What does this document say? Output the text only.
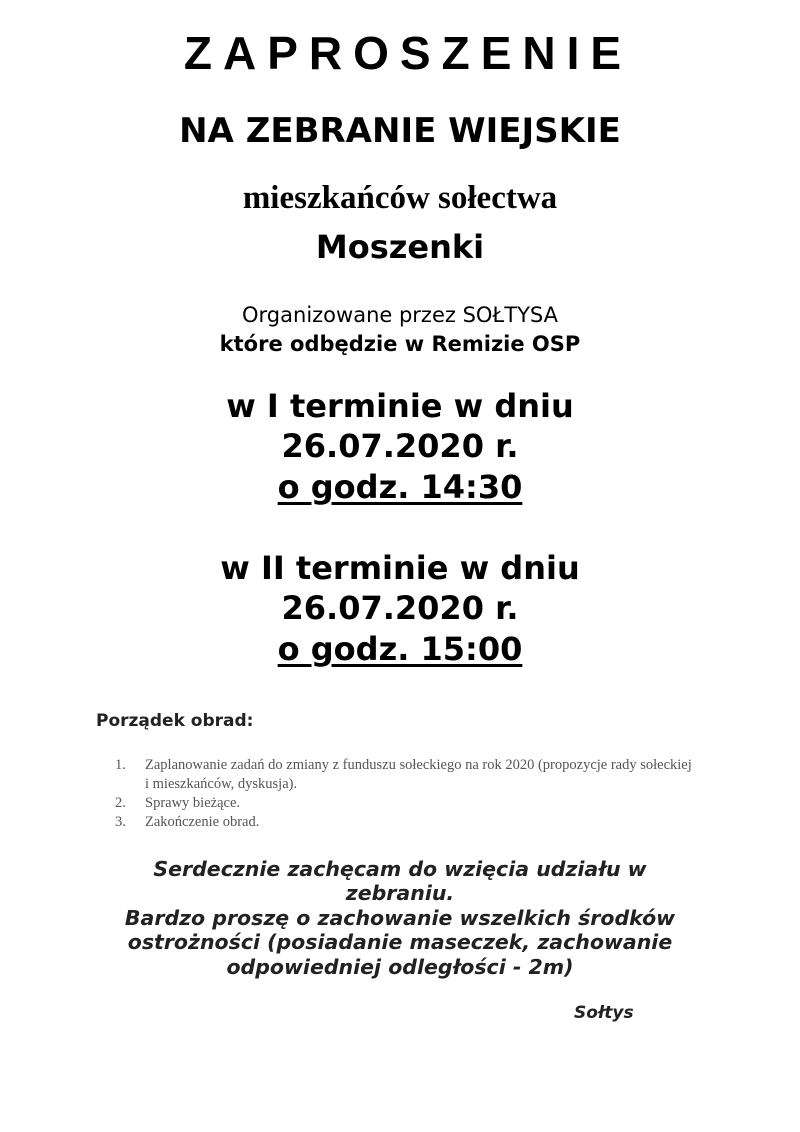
ZAPROSZENIE
NA ZEBRANIE WIEJSKIE
mieszkańców sołectwa
Moszenki
Organizowane przez SOŁTYSA
które odbędzie w Remizie OSP
w I terminie w dniu
26.07.2020 r.
o godz. 14:30
w II terminie w dniu
26.07.2020 r.
o godz. 15:00
Porządek obrad:
1.	Zaplanowanie zadań do zmiany z funduszu sołeckiego na rok 2020 (propozycje rady sołeckiej
i mieszkańców, dyskusja).
2.	Sprawy bieżące.
3.	Zakończenie obrad.
Serdecznie zachęcam do wzięcia udziału w
zebraniu.
Bardzo proszę o zachowanie wszelkich środków
ostrożności (posiadanie maseczek, zachowanie
odpowiedniej odległości - 2m)
Sołtys
